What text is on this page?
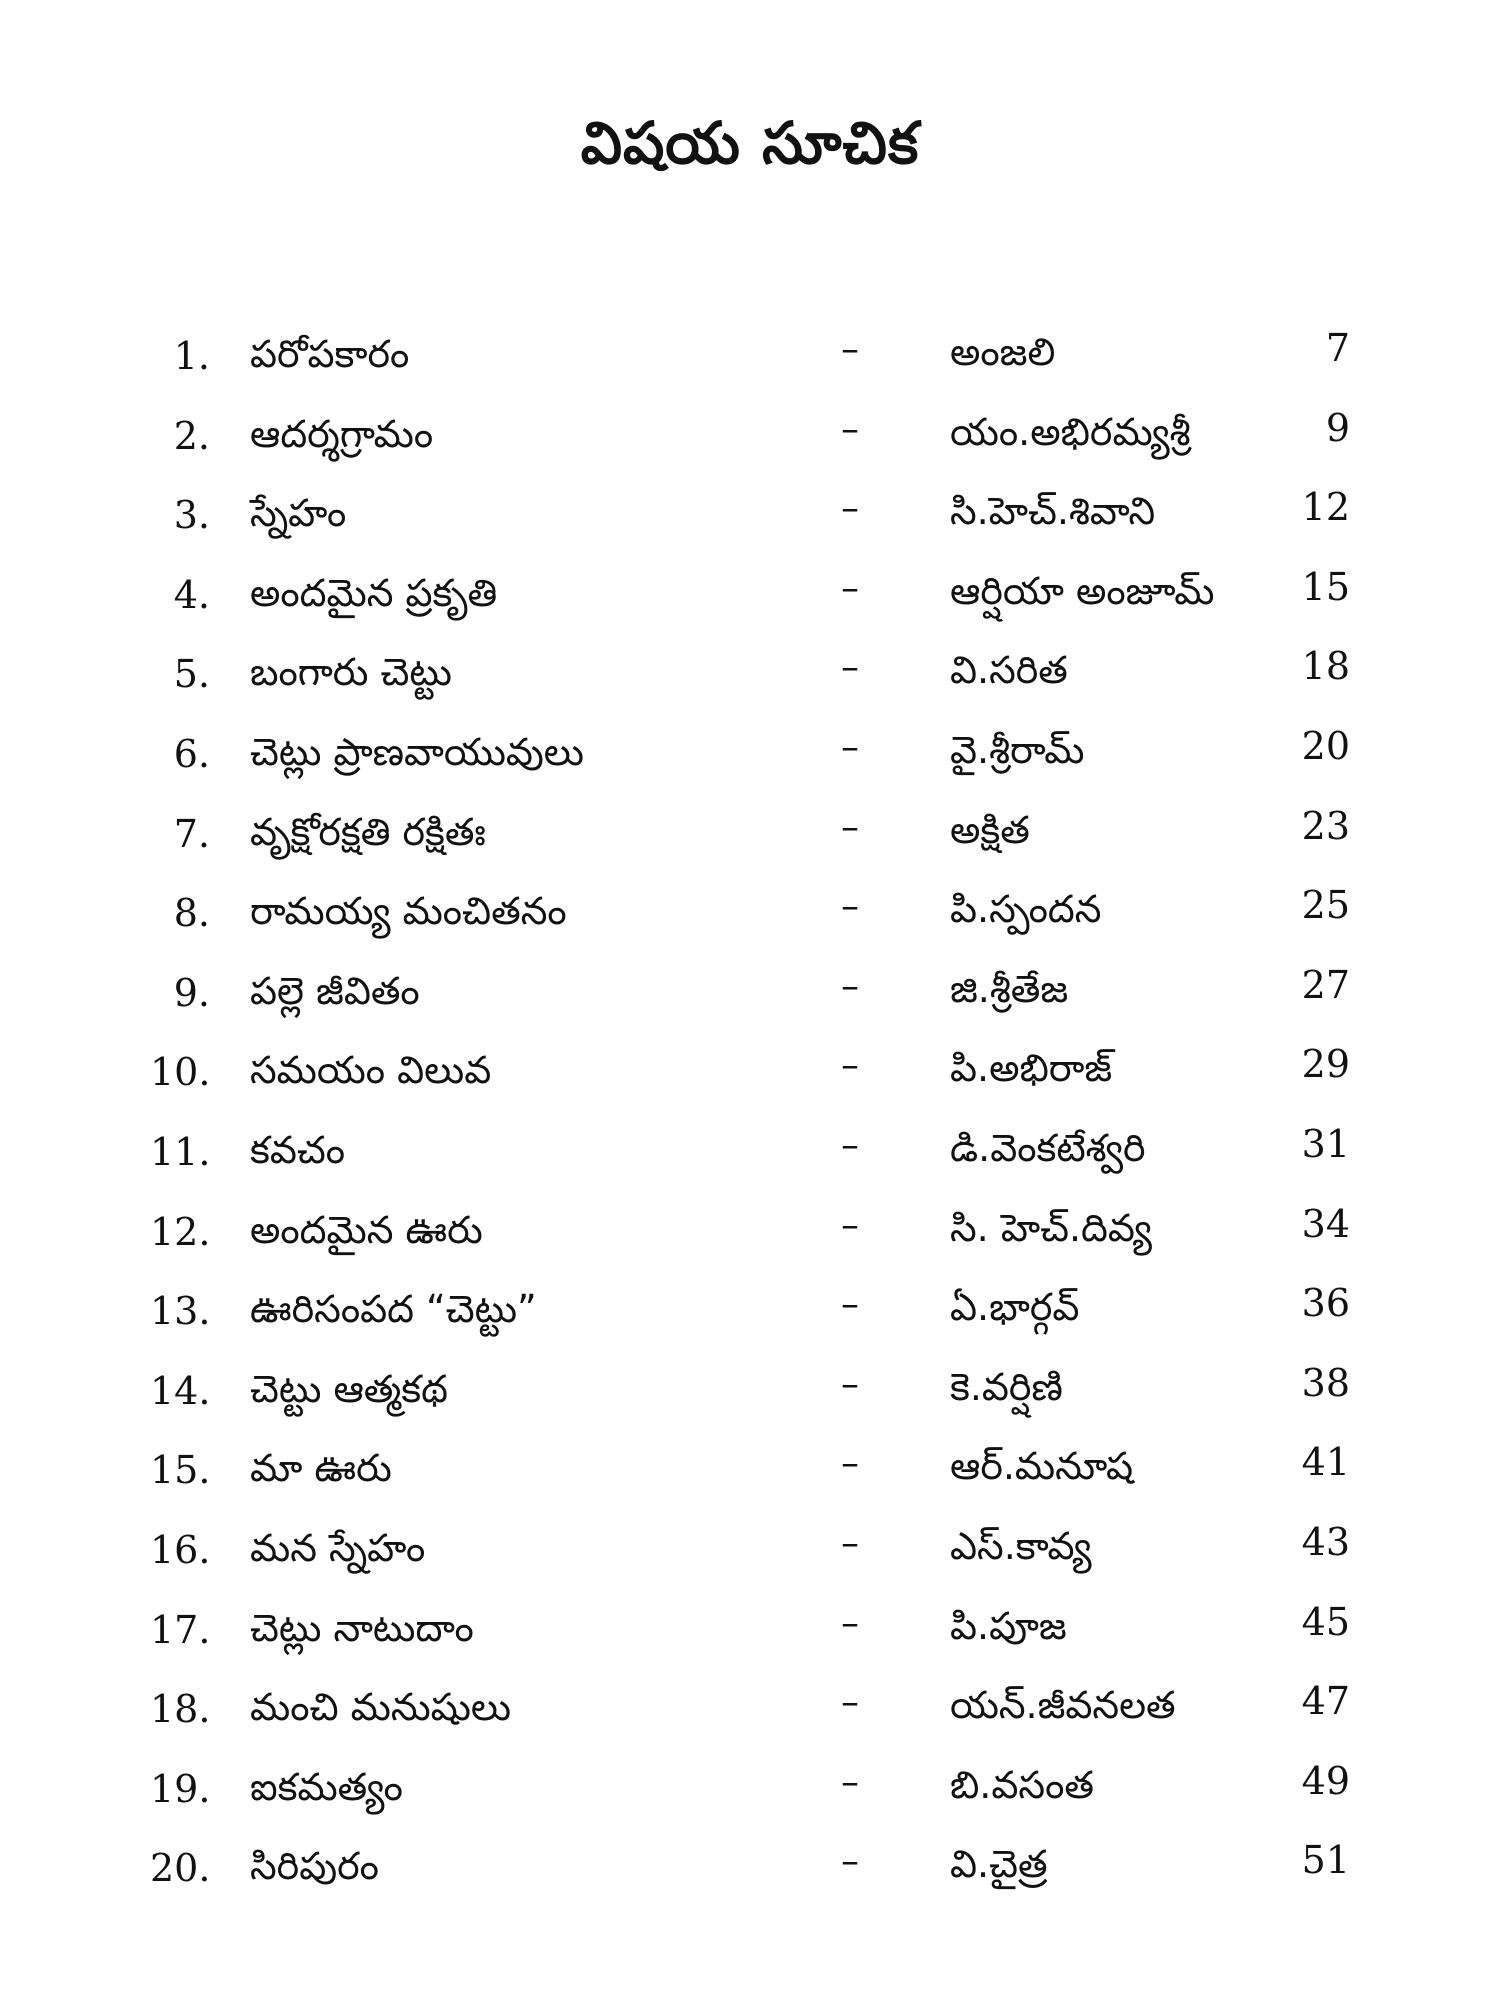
విషయ సూచిక
1. పరోపకారం	– అంజలి	7
2. ఆదర్శగ్రామం	– యం.అభిరమ్యశ్రీ	9
3. స్నేహం	– సి.హెచ్.శివాని	12
4. అందమైన ప్రకృతి	– ఆర్షియా అంజూమ్	15
5. బంగారు చెట్టు	– వి.సరిత	18
6. చెట్లు ప్రాణవాయువులు	– వై.శ్రీరామ్	20
7. వృక్షోరక్షతి రక్షితః	– అక్షిత	23
8. రామయ్య మంచితనం	– పి.స్పందన	25
9. పల్లె జీవితం	– జి.శ్రీతేజ	27
10. సమయం విలువ	– పి.అభిరాజ్	29
11. కవచం	– డి.వెంకటేశ్వరి	31
12. అందమైన ఊరు	– సి. హెచ్.దివ్య	34
13. ఊరిసంపద “చెట్టు”	– ఏ.భార్గవ్	36
14. చెట్టు ఆత్మకథ	– కె.వర్షిణి	38
15. మా ఊరు	– ఆర్.మనూష	41
16. మన స్నేహం	– ఎస్.కావ్య	43
17. చెట్లు నాటుదాం	– పి.పూజ	45
18. మంచి మనుషులు	– యన్.జీవనలత	47
19. ఐకమత్యం	– బి.వసంత	49
20. సిరిపురం	– వి.చైత్ర	51
